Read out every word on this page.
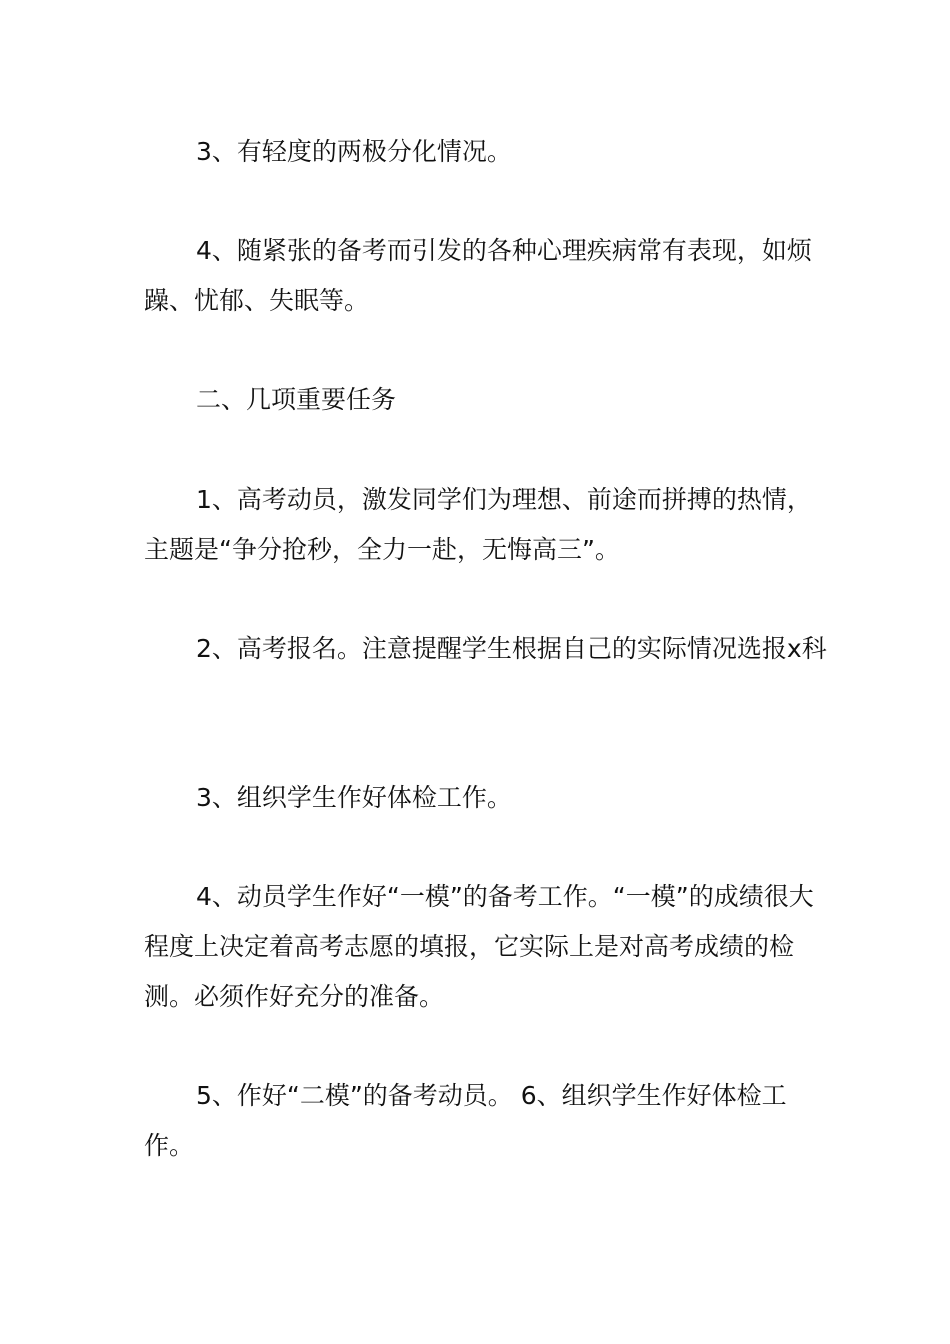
3、有轻度的两极分化情况。

4、随紧张的备考而引发的各种心理疾病常有表现，如烦躁、忧郁、失眠等。

二、几项重要任务

1、高考动员，激发同学们为理想、前途而拼搏的热情，主题是“争分抢秒，全力一赴，无悔高三”。

2、高考报名。注意提醒学生根据自己的实际情况选报x科

3、组织学生作好体检工作。

4、动员学生作好“一模”的备考工作。“一模”的成绩很大程度上决定着高考志愿的填报，它实际上是对高考成绩的检测。必须作好充分的准备。

5、作好“二模”的备考动员。 6、组织学生作好体检工作。
